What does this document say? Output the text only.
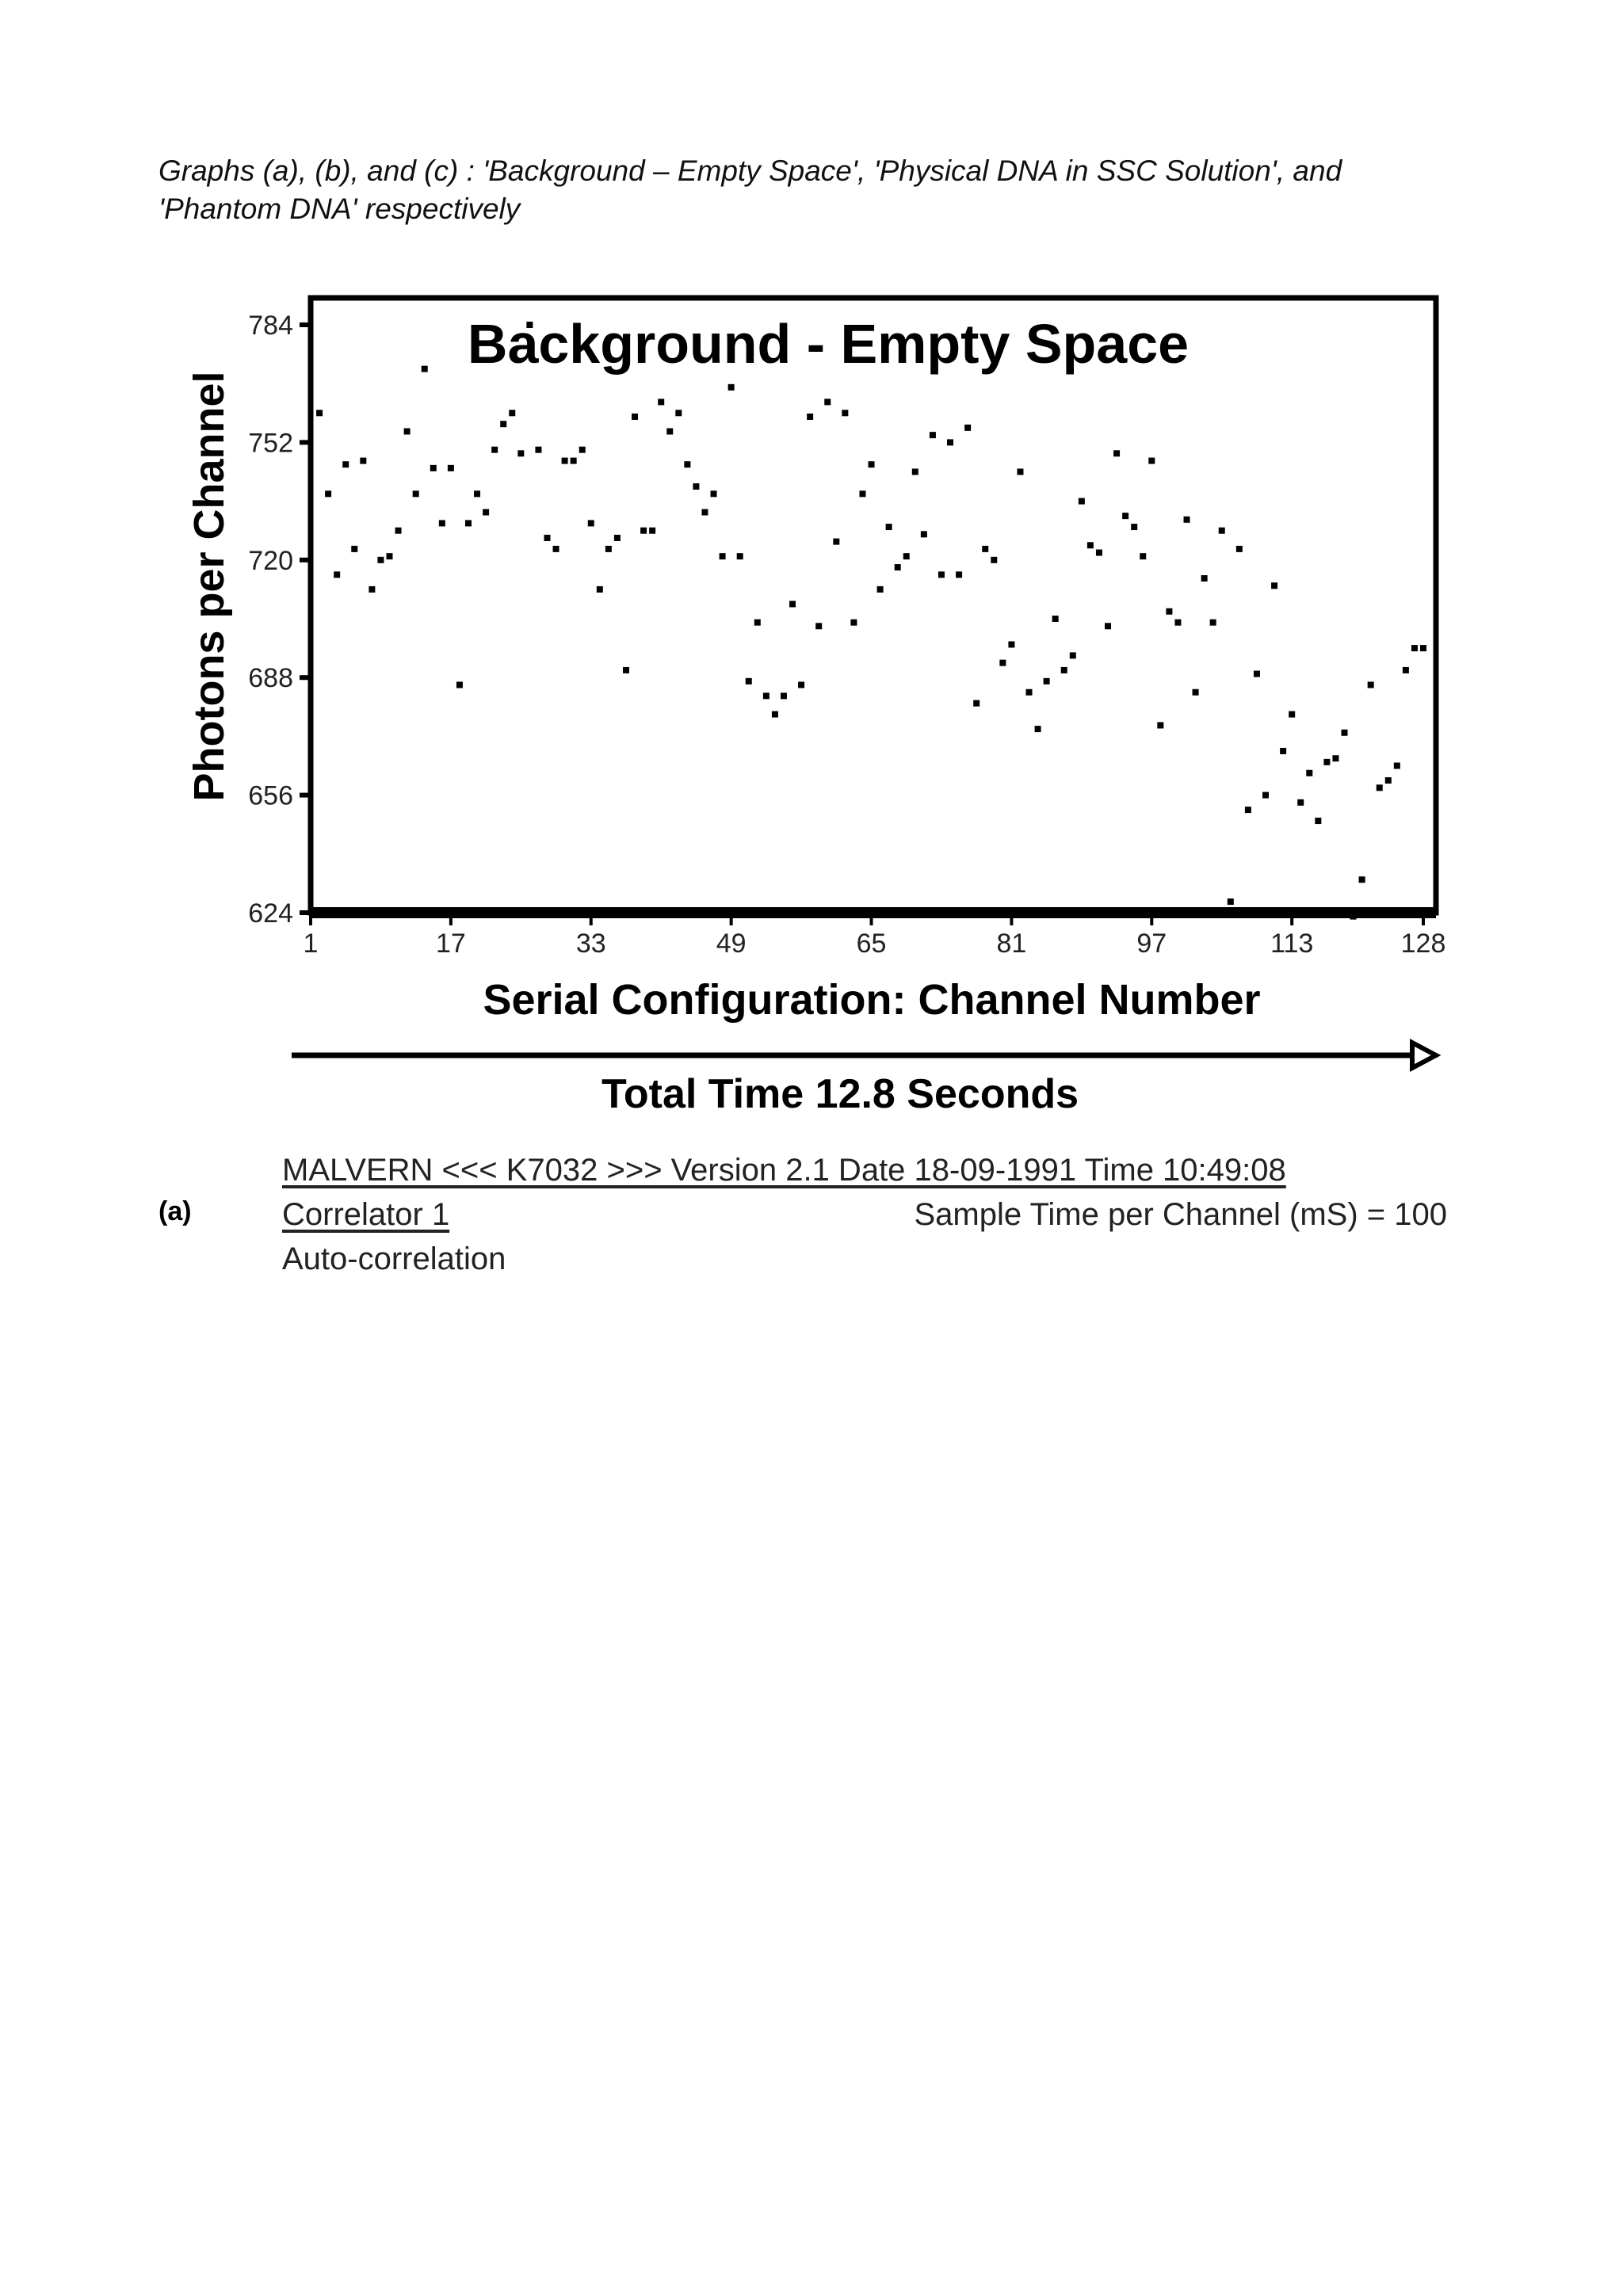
Graphs (a), (b), and (c) : 'Background – Empty Space', 'Physical DNA in SSC Solution', and 'Phantom DNA' respectively
784
752
720
688
656
624
1	17	33	49	65	81	97	113	128
Background - Empty Space
Serial Configuration: Channel Number
Photons per Channel
Total Time 12.8 Seconds
(a)
MALVERN <<< K7032 >>> Version 2.1 Date 18-09-1991 Time 10:49:08
Correlator 1	Sample Time per Channel (mS) = 100
Auto-correlation
